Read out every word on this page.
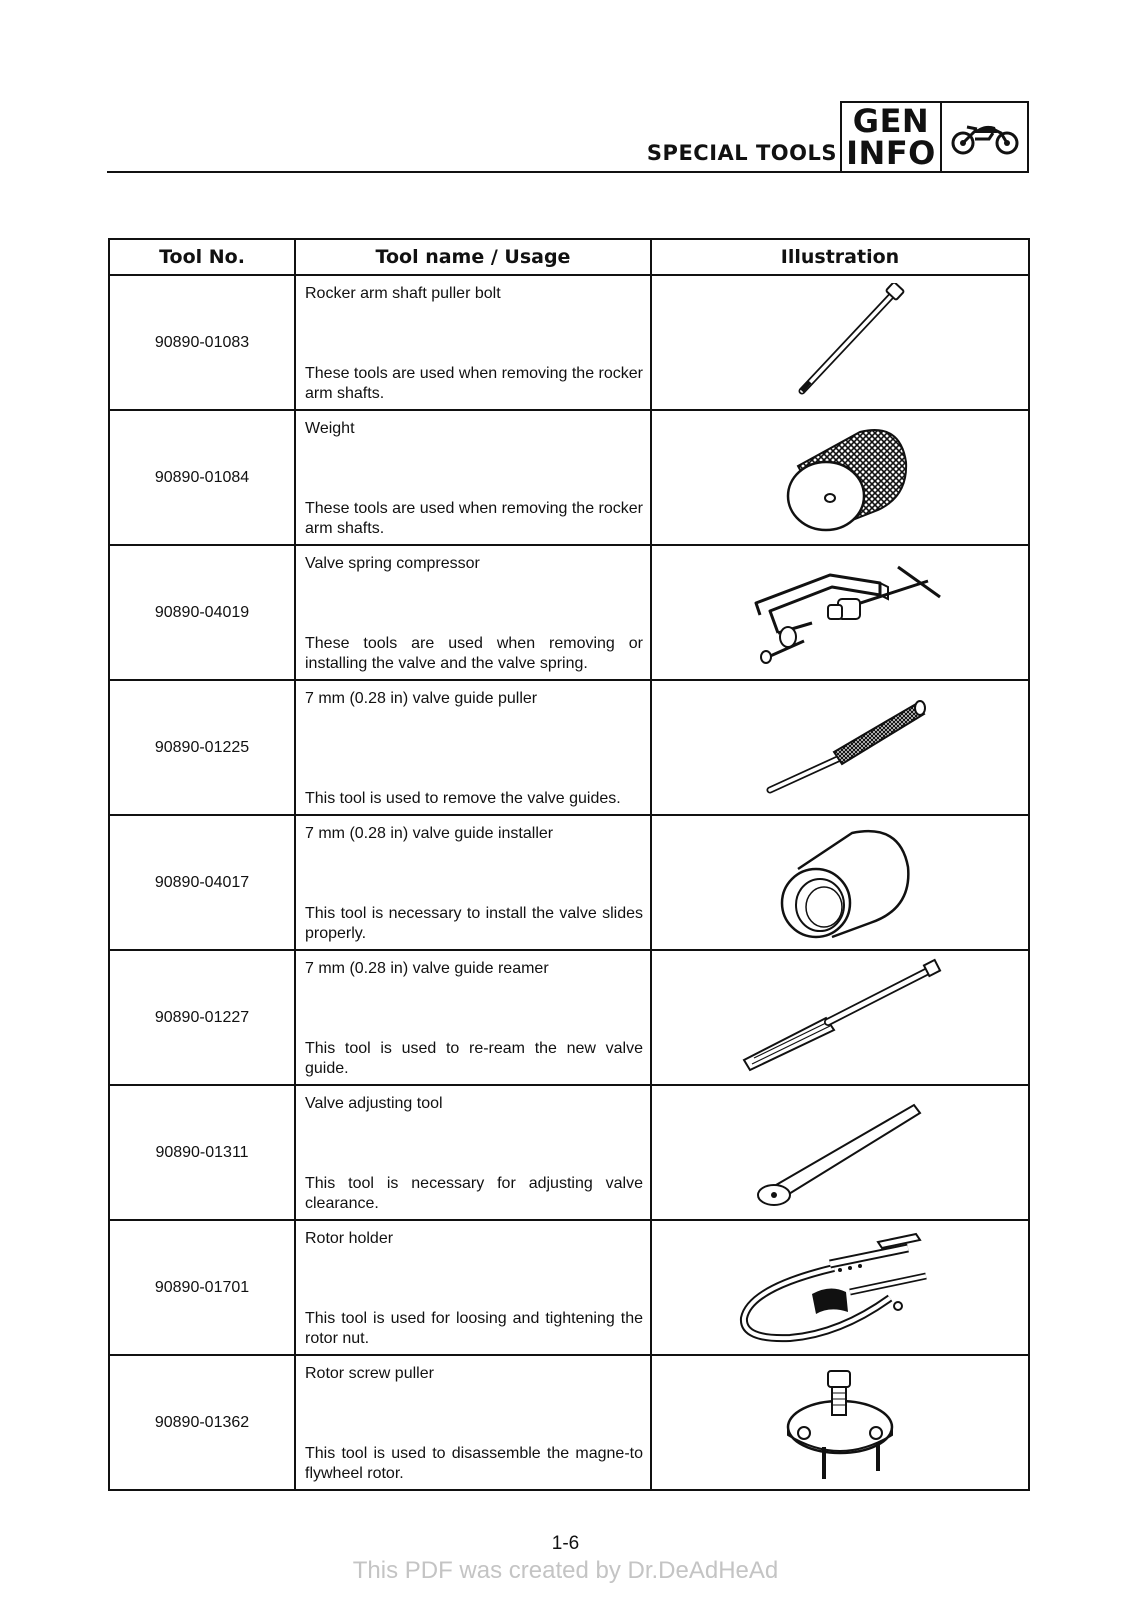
SPECIAL TOOLS
GEN
INFO
Tool No.	Tool name / Usage	Illustration
90890-01083	Rocker arm shaft puller bolt
These tools are used when removing the rocker arm shafts.

90890-01084	Weight
These tools are used when removing the rocker arm shafts.

90890-04019	Valve spring compressor
These tools are used when removing or installing the valve and the valve spring.

90890-01225	7 mm (0.28 in) valve guide puller
This tool is used to remove the valve guides.

90890-04017	7 mm (0.28 in) valve guide installer
This tool is necessary to install the valve slides properly.

90890-01227	7 mm (0.28 in) valve guide reamer
This tool is used to re-ream the new valve guide.

90890-01311	Valve adjusting tool
This tool is necessary for adjusting valve clearance.

90890-01701	Rotor holder
This tool is used for loosing and tightening the rotor nut.

90890-01362	Rotor screw puller
This tool is used to disassemble the magne-to flywheel rotor.

1-6
This PDF was created by Dr.DeAdHeAd
